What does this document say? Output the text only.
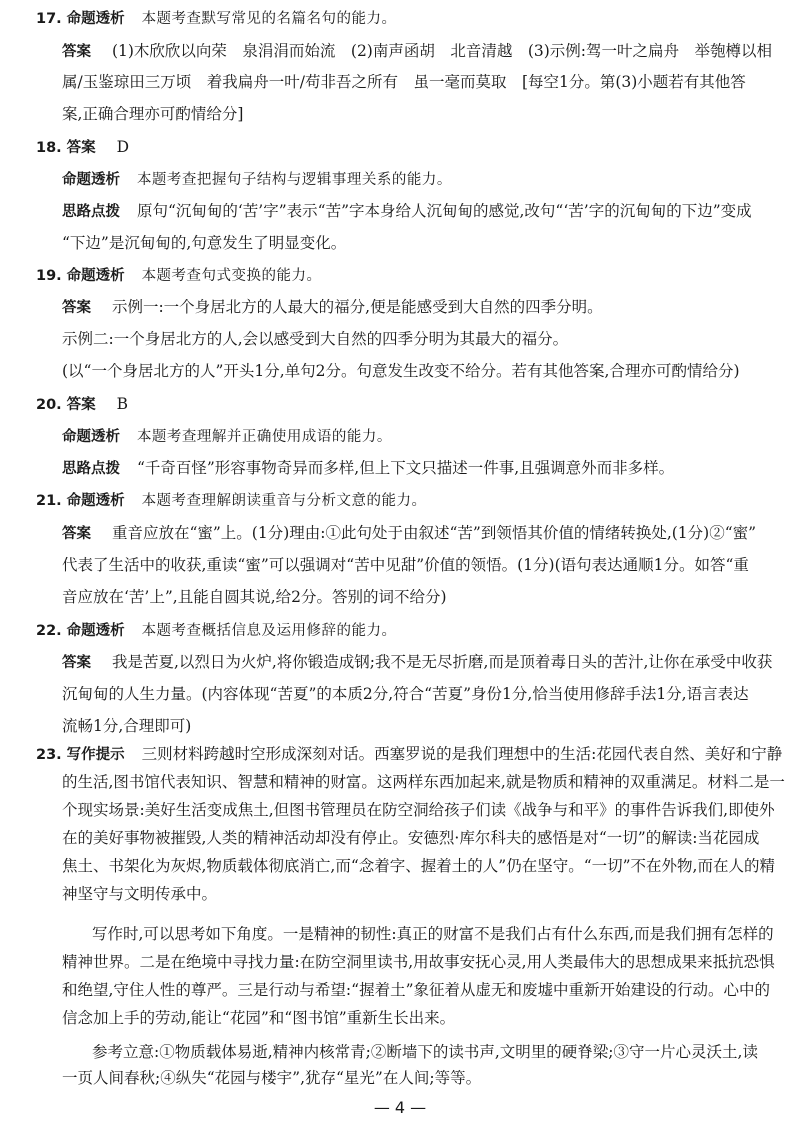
17. 命题透析 本题考查默写常见的名篇名句的能力。
答案 (1)木欣欣以向荣　泉涓涓而始流　(2)南声函胡　北音清越　(3)示例:驾一叶之扁舟　举匏樽以相
属/玉鉴琼田三万顷　着我扁舟一叶/苟非吾之所有　虽一毫而莫取　[每空1分。第(3)小题若有其他答
案,正确合理亦可酌情给分]
18. 答案 D
命题透析 本题考查把握句子结构与逻辑事理关系的能力。
思路点拨 原句“沉甸甸的‘苦’字”表示“苦”字本身给人沉甸甸的感觉,改句“‘苦’字的沉甸甸的下边”变成
“下边”是沉甸甸的,句意发生了明显变化。
19. 命题透析 本题考查句式变换的能力。
答案 示例一:一个身居北方的人最大的福分,便是能感受到大自然的四季分明。
示例二:一个身居北方的人,会以感受到大自然的四季分明为其最大的福分。
(以“一个身居北方的人”开头1分,单句2分。句意发生改变不给分。若有其他答案,合理亦可酌情给分)
20. 答案 B
命题透析 本题考查理解并正确使用成语的能力。
思路点拨 “千奇百怪”形容事物奇异而多样,但上下文只描述一件事,且强调意外而非多样。
21. 命题透析 本题考查理解朗读重音与分析文意的能力。
答案 重音应放在“蜜”上。(1分)理由:①此句处于由叙述“苦”到领悟其价值的情绪转换处,(1分)②“蜜”
代表了生活中的收获,重读“蜜”可以强调对“苦中见甜”价值的领悟。(1分)(语句表达通顺1分。如答“重
音应放在‘苦’上”,且能自圆其说,给2分。答别的词不给分)
22. 命题透析 本题考查概括信息及运用修辞的能力。
答案 我是苦夏,以烈日为火炉,将你锻造成钢;我不是无尽折磨,而是顶着毒日头的苦汁,让你在承受中收获
沉甸甸的人生力量。(内容体现“苦夏”的本质2分,符合“苦夏”身份1分,恰当使用修辞手法1分,语言表达
流畅1分,合理即可)
23. 写作提示 三则材料跨越时空形成深刻对话。西塞罗说的是我们理想中的生活:花园代表自然、美好和宁静
的生活,图书馆代表知识、智慧和精神的财富。这两样东西加起来,就是物质和精神的双重满足。材料二是一
个现实场景:美好生活变成焦土,但图书管理员在防空洞给孩子们读《战争与和平》的事件告诉我们,即使外
在的美好事物被摧毁,人类的精神活动却没有停止。安德烈·库尔科夫的感悟是对“一切”的解读:当花园成
焦土、书架化为灰烬,物质载体彻底消亡,而“念着字、握着土的人”仍在坚守。“一切”不在外物,而在人的精
神坚守与文明传承中。
写作时,可以思考如下角度。一是精神的韧性:真正的财富不是我们占有什么东西,而是我们拥有怎样的
精神世界。二是在绝境中寻找力量:在防空洞里读书,用故事安抚心灵,用人类最伟大的思想成果来抵抗恐惧
和绝望,守住人性的尊严。三是行动与希望:“握着土”象征着从虚无和废墟中重新开始建设的行动。心中的
信念加上手的劳动,能让“花园”和“图书馆”重新生长出来。
— 4 —
参考立意:①物质载体易逝,精神内核常青;②断墙下的读书声,文明里的硬脊梁;③守一片心灵沃土,读
一页人间春秋;④纵失“花园与楼宇”,犹存“星光”在人间;等等。
